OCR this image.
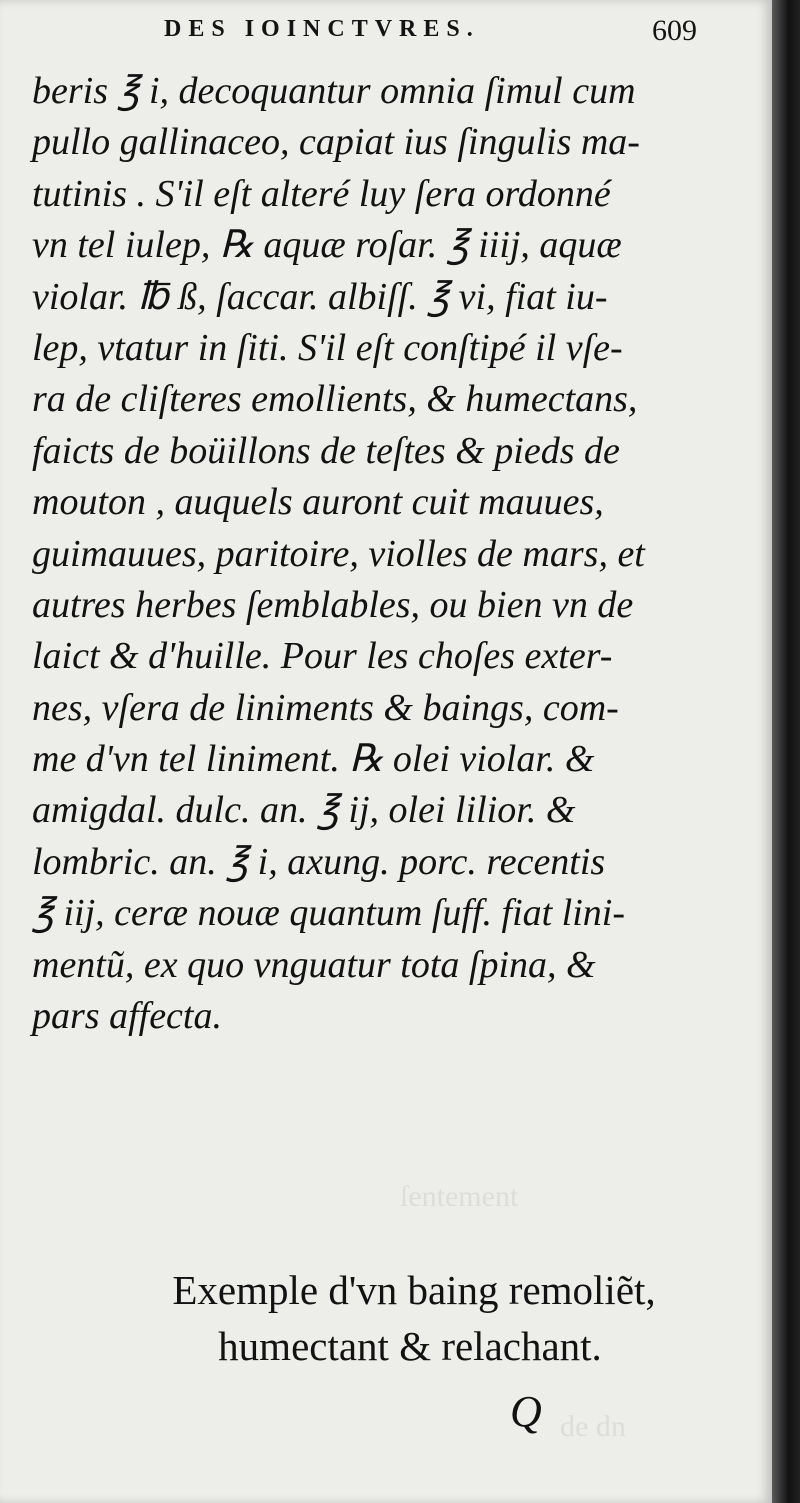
ſentement
de dn
DES IOINCTVRES.	609
beris ℥ i, decoquantur omnia ſimul cum
pullo gallinaceo, capiat ius ſingulis ma-
tutinis . S'il eſt alteré luy ſera ordonné
vn tel iulep, ℞ aquæ roſar. ℥ iiij, aquæ
violar. ℔ ß, ſaccar. albiſſ. ℥ vi, fiat iu-
lep, vtatur in ſiti. S'il eſt conſtipé il vſe-
ra de cliſteres emollients, & humectans,
faicts de boüillons de teſtes & pieds de
mouton , auquels auront cuit mauues,
guimauues, paritoire, violles de mars, et
autres herbes ſemblables, ou bien vn de
laict & d'huille. Pour les choſes exter-
nes, vſera de liniments & baings, com-
me d'vn tel liniment. ℞ olei violar. &
amigdal. dulc. an. ℥ ij, olei lilior. &
lombric. an. ℥ i, axung. porc. recentis
℥ iij, ceræ nouæ quantum ſuff. fiat lini-
mentũ, ex quo vnguatur tota ſpina, &
pars affecta.
Exemple d'vn baing remoliẽt,
humectant & relachant.
Q
